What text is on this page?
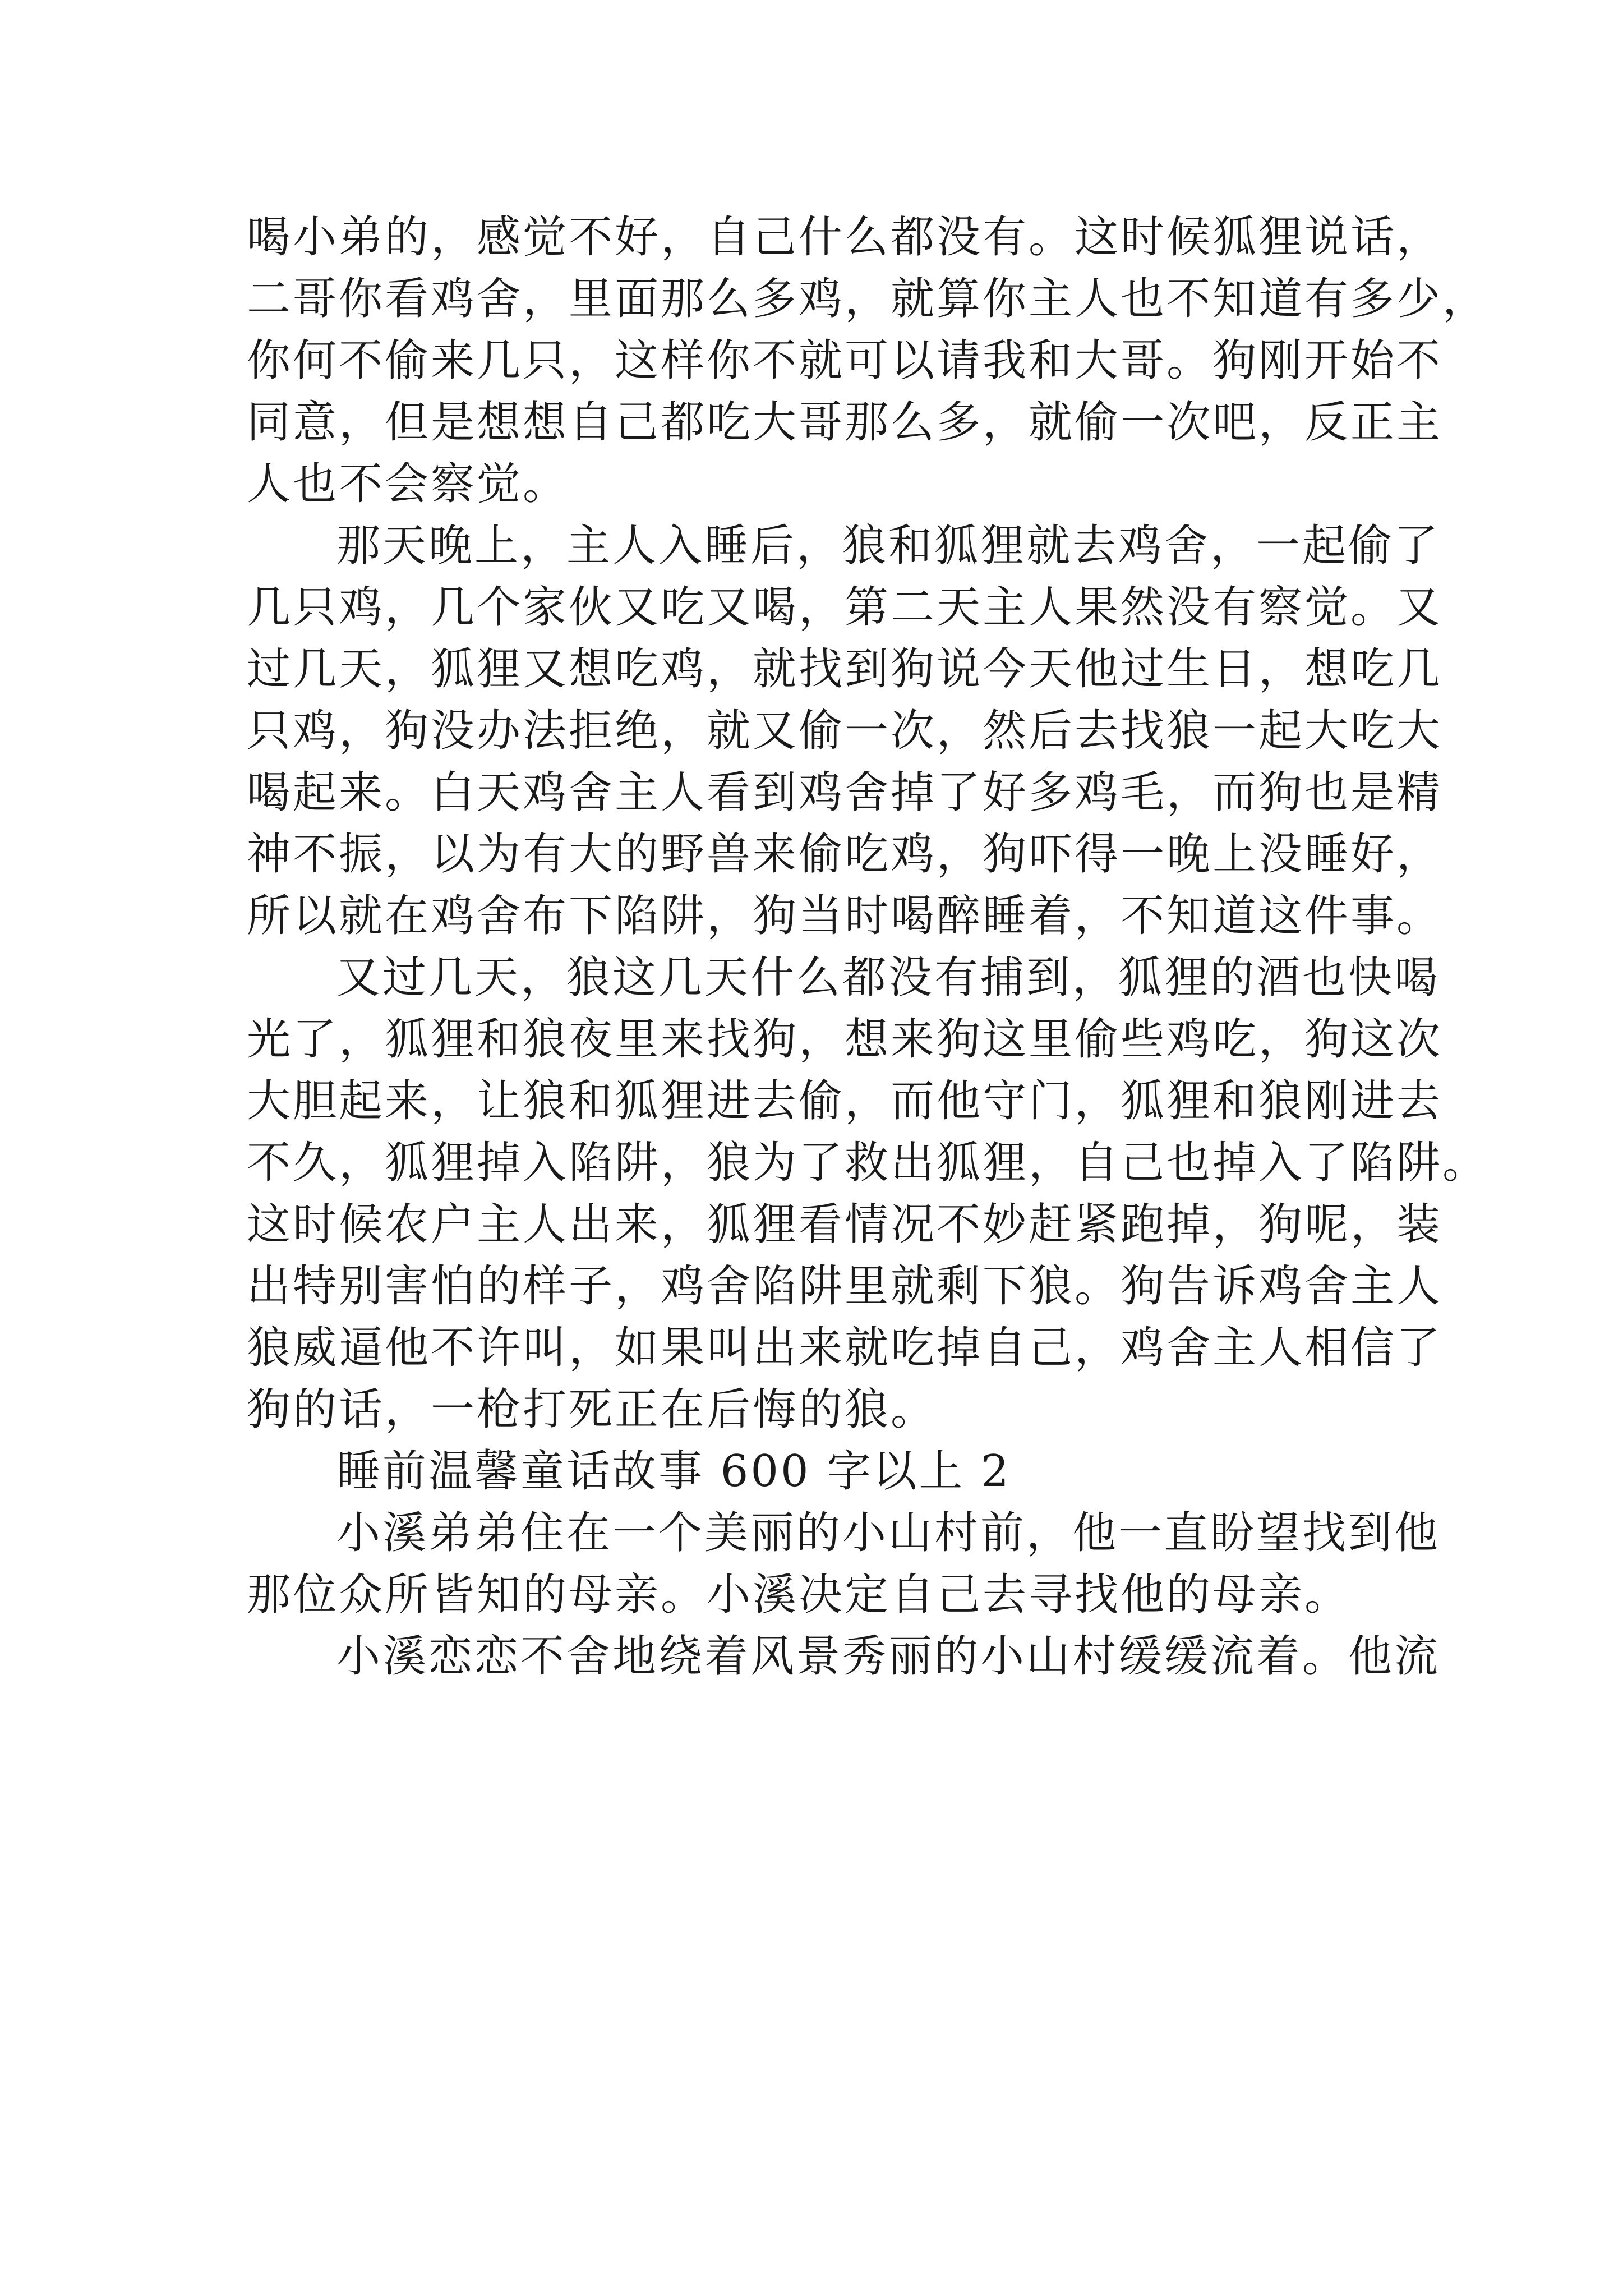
喝小弟的，感觉不好，自己什么都没有。这时候狐狸说话，
二哥你看鸡舍，里面那么多鸡，就算你主人也不知道有多少，
你何不偷来几只，这样你不就可以请我和大哥。狗刚开始不
同意，但是想想自己都吃大哥那么多，就偷一次吧，反正主
人也不会察觉。
那天晚上，主人入睡后，狼和狐狸就去鸡舍，一起偷了
几只鸡，几个家伙又吃又喝，第二天主人果然没有察觉。又
过几天，狐狸又想吃鸡，就找到狗说今天他过生日，想吃几
只鸡，狗没办法拒绝，就又偷一次，然后去找狼一起大吃大
喝起来。白天鸡舍主人看到鸡舍掉了好多鸡毛，而狗也是精
神不振，以为有大的野兽来偷吃鸡，狗吓得一晚上没睡好，
所以就在鸡舍布下陷阱，狗当时喝醉睡着，不知道这件事。
又过几天，狼这几天什么都没有捕到，狐狸的酒也快喝
光了，狐狸和狼夜里来找狗，想来狗这里偷些鸡吃，狗这次
大胆起来，让狼和狐狸进去偷，而他守门，狐狸和狼刚进去
不久，狐狸掉入陷阱，狼为了救出狐狸，自己也掉入了陷阱。
这时候农户主人出来，狐狸看情况不妙赶紧跑掉，狗呢，装
出特别害怕的样子，鸡舍陷阱里就剩下狼。狗告诉鸡舍主人
狼威逼他不许叫，如果叫出来就吃掉自己，鸡舍主人相信了
狗的话，一枪打死正在后悔的狼。
睡前温馨童话故事 600 字以上 2
小溪弟弟住在一个美丽的小山村前，他一直盼望找到他
那位众所皆知的母亲。小溪决定自己去寻找他的母亲。
小溪恋恋不舍地绕着风景秀丽的小山村缓缓流着。他流
